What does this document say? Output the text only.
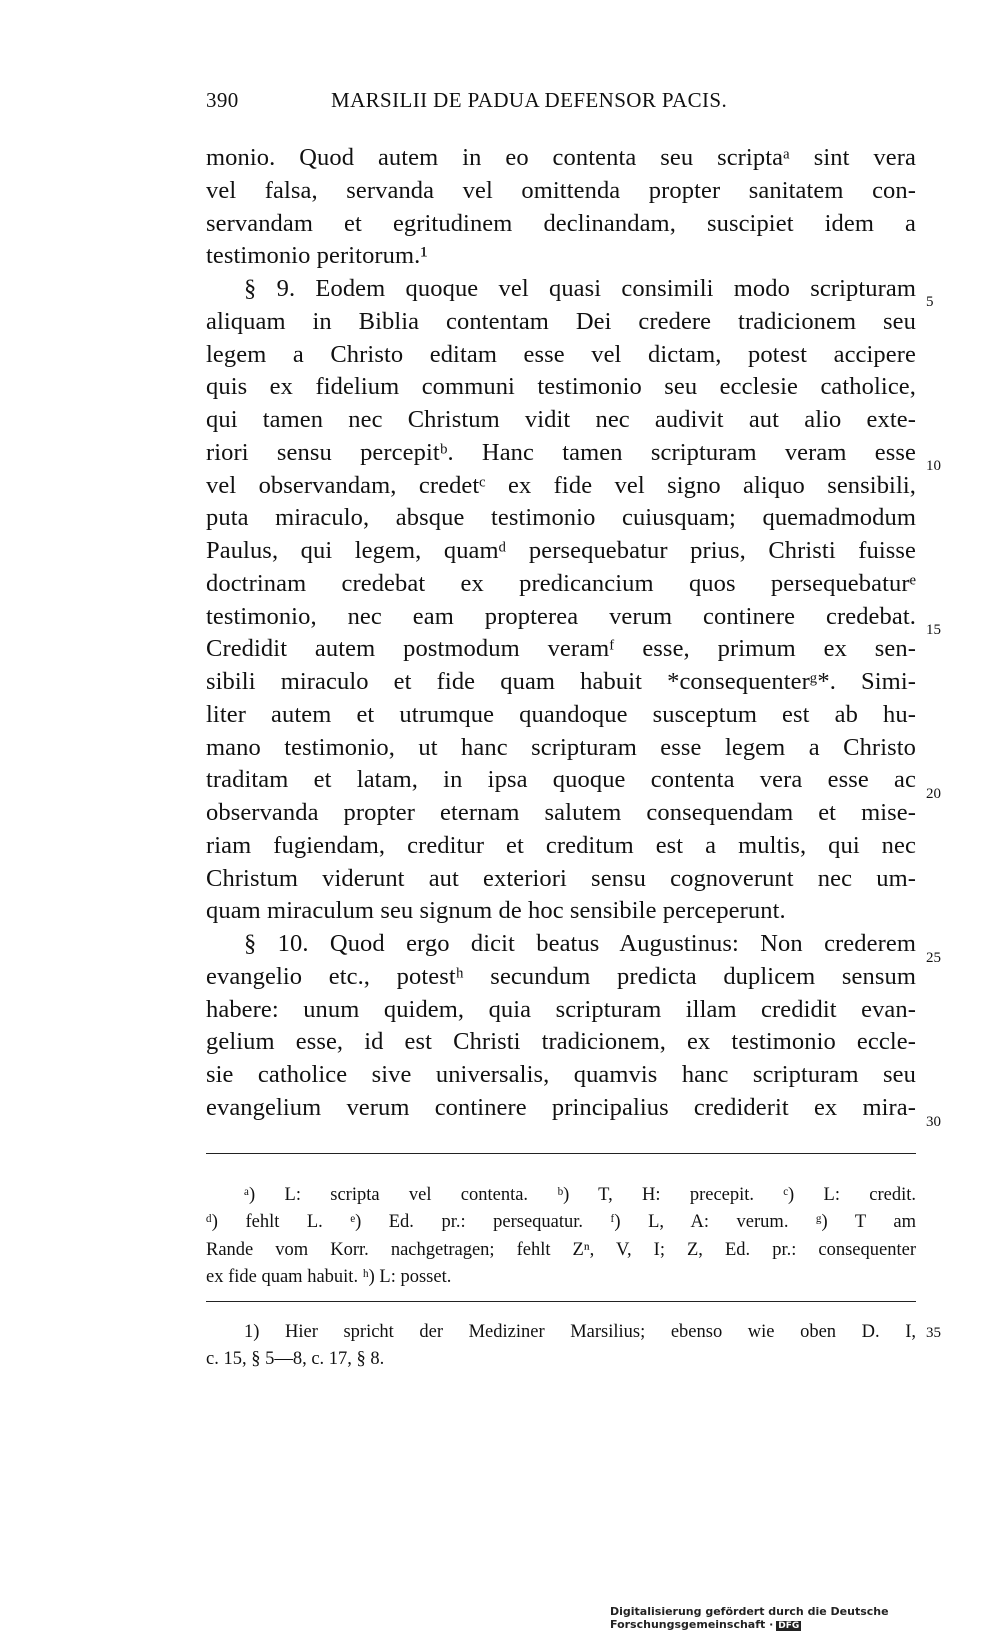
390	MARSILII DE PADUA DEFENSOR PACIS.
monio. Quod autem in eo contenta seu scriptaᵃ sint vera
vel falsa, servanda vel omittenda propter sanitatem con-
servandam et egritudinem declinandam, suscipiet idem a
testimonio peritorum.¹
§ 9. Eodem quoque vel quasi consimili modo scripturam
aliquam in Biblia contentam Dei credere tradicionem seu
legem a Christo editam esse vel dictam, potest accipere
quis ex fidelium communi testimonio seu ecclesie catholice,
qui tamen nec Christum vidit nec audivit aut alio exte-
riori sensu percepitᵇ. Hanc tamen scripturam veram esse
vel observandam, credetᶜ ex fide vel signo aliquo sensibili,
puta miraculo, absque testimonio cuiusquam; quemadmodum
Paulus, qui legem, quamᵈ persequebatur prius, Christi fuisse
doctrinam credebat ex predicancium quos persequebaturᵉ
testimonio, nec eam propterea verum continere credebat.
Credidit autem postmodum veramᶠ esse, primum ex sen-
sibili miraculo et fide quam habuit *consequenterᵍ*. Simi-
liter autem et utrumque quandoque susceptum est ab hu-
mano testimonio, ut hanc scripturam esse legem a Christo
traditam et latam, in ipsa quoque contenta vera esse ac
observanda propter eternam salutem consequendam et mise-
riam fugiendam, creditur et creditum est a multis, qui nec
Christum viderunt aut exteriori sensu cognoverunt nec um-
quam miraculum seu signum de hoc sensibile perceperunt.
§ 10. Quod ergo dicit beatus Augustinus: Non crederem
evangelio etc., potestʰ secundum predicta duplicem sensum
habere: unum quidem, quia scripturam illam credidit evan-
gelium esse, id est Christi tradicionem, ex testimonio eccle-
sie catholice sive universalis, quamvis hanc scripturam seu
evangelium verum continere principalius crediderit ex mira-
5
10
15
20
25
30
35
ᵃ) L: scripta vel contenta. ᵇ) T, H: precepit. ᶜ) L: credit.
ᵈ) fehlt L. ᵉ) Ed. pr.: persequatur. ᶠ) L, A: verum. ᵍ) T am
Rande vom Korr. nachgetragen; fehlt Zⁿ, V, I; Z, Ed. pr.: consequenter
ex fide quam habuit. ʰ) L: posset.
1) Hier spricht der Mediziner Marsilius; ebenso wie oben D. I,
c. 15, § 5—8, c. 17, § 8.
Digitalisierung gefördert durch die Deutsche Forschungsgemeinschaft · DFG
